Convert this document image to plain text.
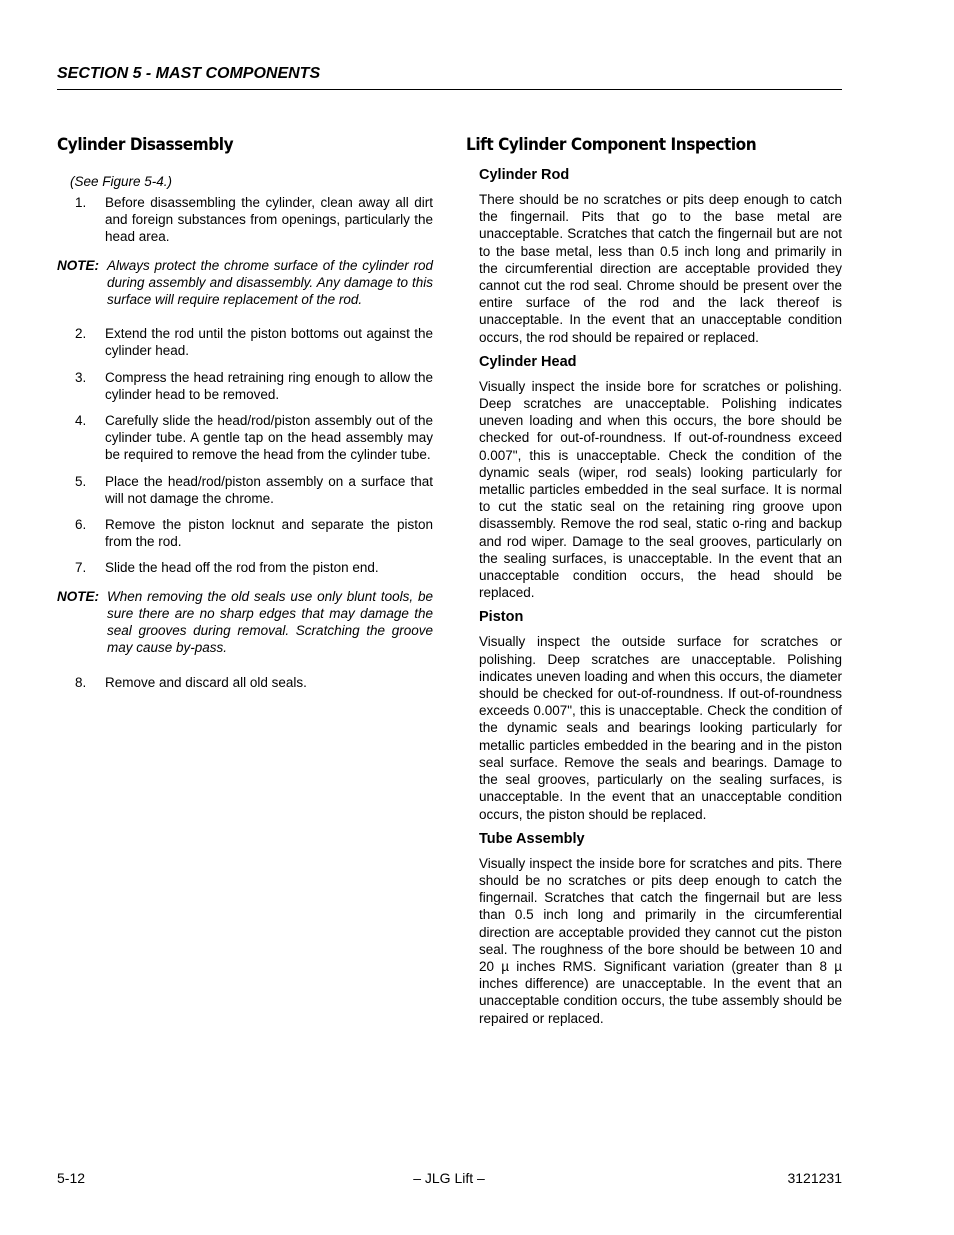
SECTION 5 - MAST COMPONENTS
Cylinder Disassembly
(See Figure 5-4.)
1.	Before disassembling the cylinder, clean away all dirt and foreign substances from openings, particularly the head area.
NOTE: Always protect the chrome surface of the cylinder rod during assembly and disassembly. Any damage to this surface will require replacement of the rod.
2.	Extend the rod until the piston bottoms out against the cylinder head.
3.	Compress the head retraining ring enough to allow the cylinder head to be removed.
4.	Carefully slide the head/rod/piston assembly out of the cylinder tube. A gentle tap on the head assembly may be required to remove the head from the cylinder tube.
5.	Place the head/rod/piston assembly on a surface that will not damage the chrome.
6.	Remove the piston locknut and separate the piston from the rod.
7.	Slide the head off the rod from the piston end.
NOTE: When removing the old seals use only blunt tools, be sure there are no sharp edges that may damage the seal grooves during removal. Scratching the groove may cause by-pass.
8.	Remove and discard all old seals.
Lift Cylinder Component Inspection
Cylinder Rod

There should be no scratches or pits deep enough to catch the fingernail. Pits that go to the base metal are unacceptable. Scratches that catch the fingernail but are not to the base metal, less than 0.5 inch long and primarily in the circumferential direction are acceptable provided they cannot cut the rod seal. Chrome should be present over the entire surface of the rod and the lack thereof is unacceptable. In the event that an unacceptable condition occurs, the rod should be repaired or replaced.

Cylinder Head

Visually inspect the inside bore for scratches or polishing. Deep scratches are unacceptable. Polishing indicates uneven loading and when this occurs, the bore should be checked for out-of-roundness. If out-of-roundness exceed 0.007", this is unacceptable. Check the condition of the dynamic seals (wiper, rod seals) looking particularly for metallic particles embedded in the seal surface. It is normal to cut the static seal on the retaining ring groove upon disassembly. Remove the rod seal, static o-ring and backup and rod wiper. Damage to the seal grooves, particularly on the sealing surfaces, is unacceptable. In the event that an unacceptable condition occurs, the head should be replaced.

Piston

Visually inspect the outside surface for scratches or polishing. Deep scratches are unacceptable. Polishing indicates uneven loading and when this occurs, the diameter should be checked for out-of-roundness. If out-of-roundness exceeds 0.007", this is unacceptable. Check the condition of the dynamic seals and bearings looking particularly for metallic particles embedded in the bearing and in the piston seal surface. Remove the seals and bearings. Damage to the seal grooves, particularly on the sealing surfaces, is unacceptable. In the event that an unacceptable condition occurs, the piston should be replaced.

Tube Assembly

Visually inspect the inside bore for scratches and pits. There should be no scratches or pits deep enough to catch the fingernail. Scratches that catch the fingernail but are less than 0.5 inch long and primarily in the circumferential direction are acceptable provided they cannot cut the piston seal. The roughness of the bore should be between 10 and 20 µ inches RMS. Significant variation (greater than 8 µ inches difference) are unacceptable. In the event that an unacceptable condition occurs, the tube assembly should be repaired or replaced.

5-12	– JLG Lift –	3121231
